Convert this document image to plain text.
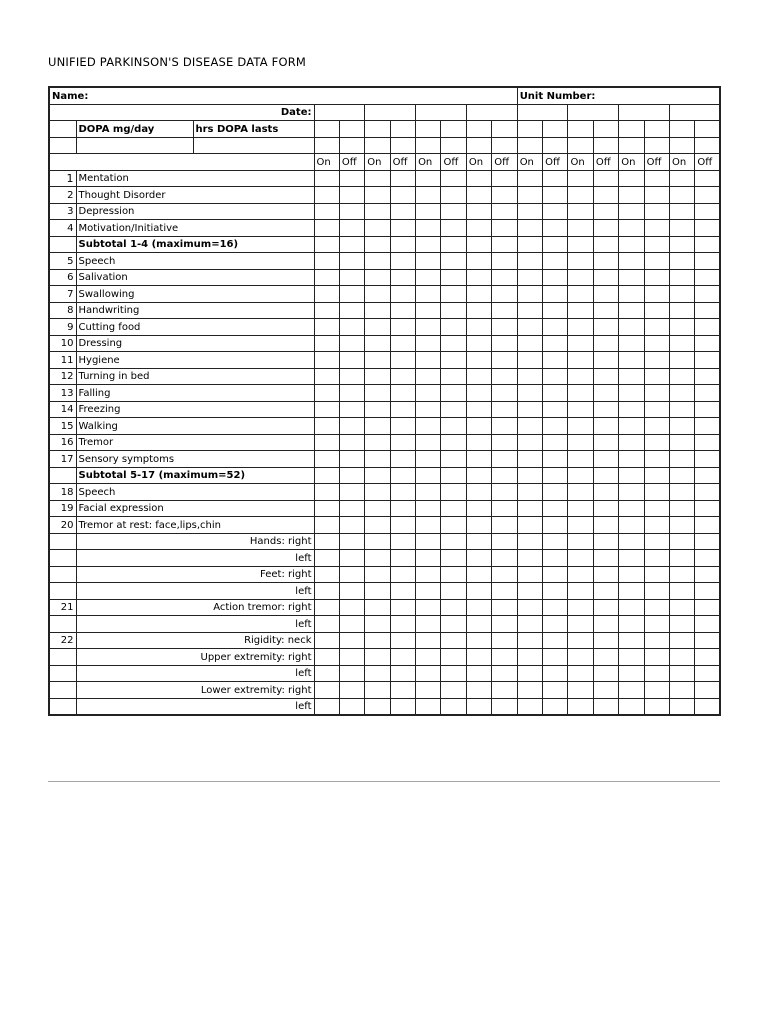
UNIFIED PARKINSON'S DISEASE DATA FORM
Name:											Unit Number:							
Date:																		
	DOPA mg/day	hrs DOPA lasts																

			On	Off	On	Off	On	Off	On	Off	On	Off	On	Off	On	Off	On	Off
1	Mentation																	
2	Thought Disorder																	
3	Depression																	
4	Motivation/Initiative																	
	Subtotal 1-4 (maximum=16)																	
5	Speech																	
6	Salivation																	
7	Swallowing																	
8	Handwriting																	
9	Cutting food																	
10	Dressing																	
11	Hygiene																	
12	Turning in bed																	
13	Falling																	
14	Freezing																	
15	Walking																	
16	Tremor																	
17	Sensory symptoms																	
	Subtotal 5-17 (maximum=52)																	
18	Speech																	
19	Facial expression																	
20	Tremor at rest: face,lips,chin																	
	Hands: right																	
	left																	
	Feet: right																	
	left																	
21	Action tremor: right																	
	left																	
22	Rigidity: neck																	
	Upper extremity: right																	
	left																	
	Lower extremity: right																	
	left																	
